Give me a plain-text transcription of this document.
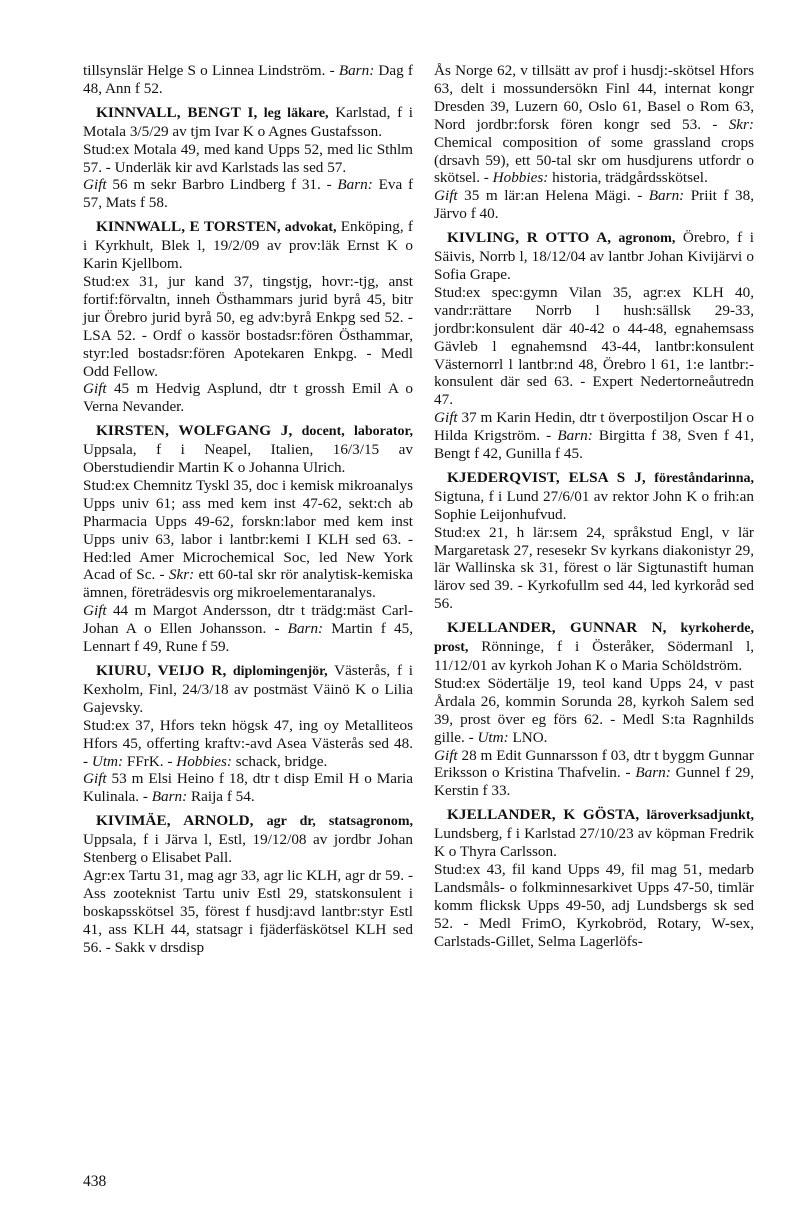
tillsynslär Helge S o Linnea Lindström. - Barn: Dag f 48, Ann f 52.

KINNVALL, BENGT I, leg läkare, Karlstad, f i Motala 3/5/29 av tjm Ivar K o Agnes Gustafsson.

Stud:ex Motala 49, med kand Upps 52, med lic Sthlm 57. - Underläk kir avd Karlstads las sed 57.

Gift 56 m sekr Barbro Lindberg f 31. - Barn: Eva f 57, Mats f 58.

KINNWALL, E TORSTEN, advokat, Enköping, f i Kyrkhult, Blek l, 19/2/09 av prov:läk Ernst K o Karin Kjellbom.

Stud:ex 31, jur kand 37, tingstjg, hovr:-tjg, anst fortif:förvaltn, inneh Östhammars jurid byrå 45, bitr jur Örebro jurid byrå 50, eg adv:byrå Enkpg sed 52. - LSA 52. - Ordf o kassör bostadsr:fören Östhammar, styr:led bostadsr:fören Apotekaren Enkpg. - Medl Odd Fellow.

Gift 45 m Hedvig Asplund, dtr t grossh Emil A o Verna Nevander.

KIRSTEN, WOLFGANG J, docent, laborator, Uppsala, f i Neapel, Italien, 16/3/15 av Oberstudiendir Martin K o Johanna Ulrich.

Stud:ex Chemnitz Tyskl 35, doc i kemisk mikroanalys Upps univ 61; ass med kem inst 47-62, sekt:ch ab Pharmacia Upps 49-62, forskn:labor med kem inst Upps univ 63, labor i lantbr:kemi I KLH sed 63. - Hed:led Amer Microchemical Soc, led New York Acad of Sc. - Skr: ett 60-tal skr rör analytisk-kemiska ämnen, företrädesvis org mikroelementaranalys.

Gift 44 m Margot Andersson, dtr t trädg:mäst Carl-Johan A o Ellen Johansson. - Barn: Martin f 45, Lennart f 49, Rune f 59.

KIURU, VEIJO R, diplomingenjör, Västerås, f i Kexholm, Finl, 24/3/18 av postmäst Väinö K o Lilia Gajevsky.

Stud:ex 37, Hfors tekn högsk 47, ing oy Metalliteos Hfors 45, offerting kraftv:-avd Asea Västerås sed 48. - Utm: FFrK. - Hobbies: schack, bridge.

Gift 53 m Elsi Heino f 18, dtr t disp Emil H o Maria Kulinala. - Barn: Raija f 54.

KIVIMÄE, ARNOLD, agr dr, statsagronom, Uppsala, f i Järva l, Estl, 19/12/08 av jordbr Johan Stenberg o Elisabet Pall.

Agr:ex Tartu 31, mag agr 33, agr lic KLH, agr dr 59. - Ass zooteknist Tartu univ Estl 29, statskonsulent i boskapsskötsel 35, förest f husdj:avd lantbr:styr Estl 41, ass KLH 44, statsagr i fjäderfäskötsel KLH sed 56. - Sakk v drsdisp

Ås Norge 62, v tillsätt av prof i husdj:-skötsel Hfors 63, delt i mossundersökn Finl 44, internat kongr Dresden 39, Luzern 60, Oslo 61, Basel o Rom 63, Nord jordbr:forsk fören kongr sed 53. - Skr: Chemical composition of some grassland crops (drsavh 59), ett 50-tal skr om husdjurens utfordr o skötsel. - Hobbies: historia, trädgårdsskötsel.

Gift 35 m lär:an Helena Mägi. - Barn: Priit f 38, Järvo f 40.

KIVLING, R OTTO A, agronom, Örebro, f i Säivis, Norrb l, 18/12/04 av lantbr Johan Kivijärvi o Sofia Grape.

Stud:ex spec:gymn Vilan 35, agr:ex KLH 40, vandr:rättare Norrb l hush:sällsk 29-33, jordbr:konsulent där 40-42 o 44-48, egnahemsass Gävleb l egnahemsnd 43-44, lantbr:konsulent Västernorrl l lantbr:nd 48, Örebro l 61, 1:e lantbr:-konsulent där sed 63. - Expert Nedertorneåutredn 47.

Gift 37 m Karin Hedin, dtr t överpostiljon Oscar H o Hilda Krigström. - Barn: Birgitta f 38, Sven f 41, Bengt f 42, Gunilla f 45.

KJEDERQVIST, ELSA S J, föreståndarinna, Sigtuna, f i Lund 27/6/01 av rektor John K o frih:an Sophie Leijonhufvud.

Stud:ex 21, h lär:sem 24, språkstud Engl, v lär Margaretask 27, resesekr Sv kyrkans diakonistyr 29, lär Wallinska sk 31, förest o lär Sigtunastift human lärov sed 39. - Kyrkofullm sed 44, led kyrkoråd sed 56.

KJELLANDER, GUNNAR N, kyrkoherde, prost, Rönninge, f i Österåker, Södermanl l, 11/12/01 av kyrkoh Johan K o Maria Schöldström.

Stud:ex Södertälje 19, teol kand Upps 24, v past Årdala 26, kommin Sorunda 28, kyrkoh Salem sed 39, prost över eg förs 62. - Medl S:ta Ragnhilds gille. - Utm: LNO.

Gift 28 m Edit Gunnarsson f 03, dtr t byggm Gunnar Eriksson o Kristina Thafvelin. - Barn: Gunnel f 29, Kerstin f 33.

KJELLANDER, K GÖSTA, läroverksadjunkt, Lundsberg, f i Karlstad 27/10/23 av köpman Fredrik K o Thyra Carlsson.

Stud:ex 43, fil kand Upps 49, fil mag 51, medarb Landsmåls- o folkminnesarkivet Upps 47-50, timlär komm flicksk Upps 49-50, adj Lundsbergs sk sed 52. - Medl FrimO, Kyrkobröd, Rotary, W-sex, Carlstads-Gillet, Selma Lagerlöfs-

438
